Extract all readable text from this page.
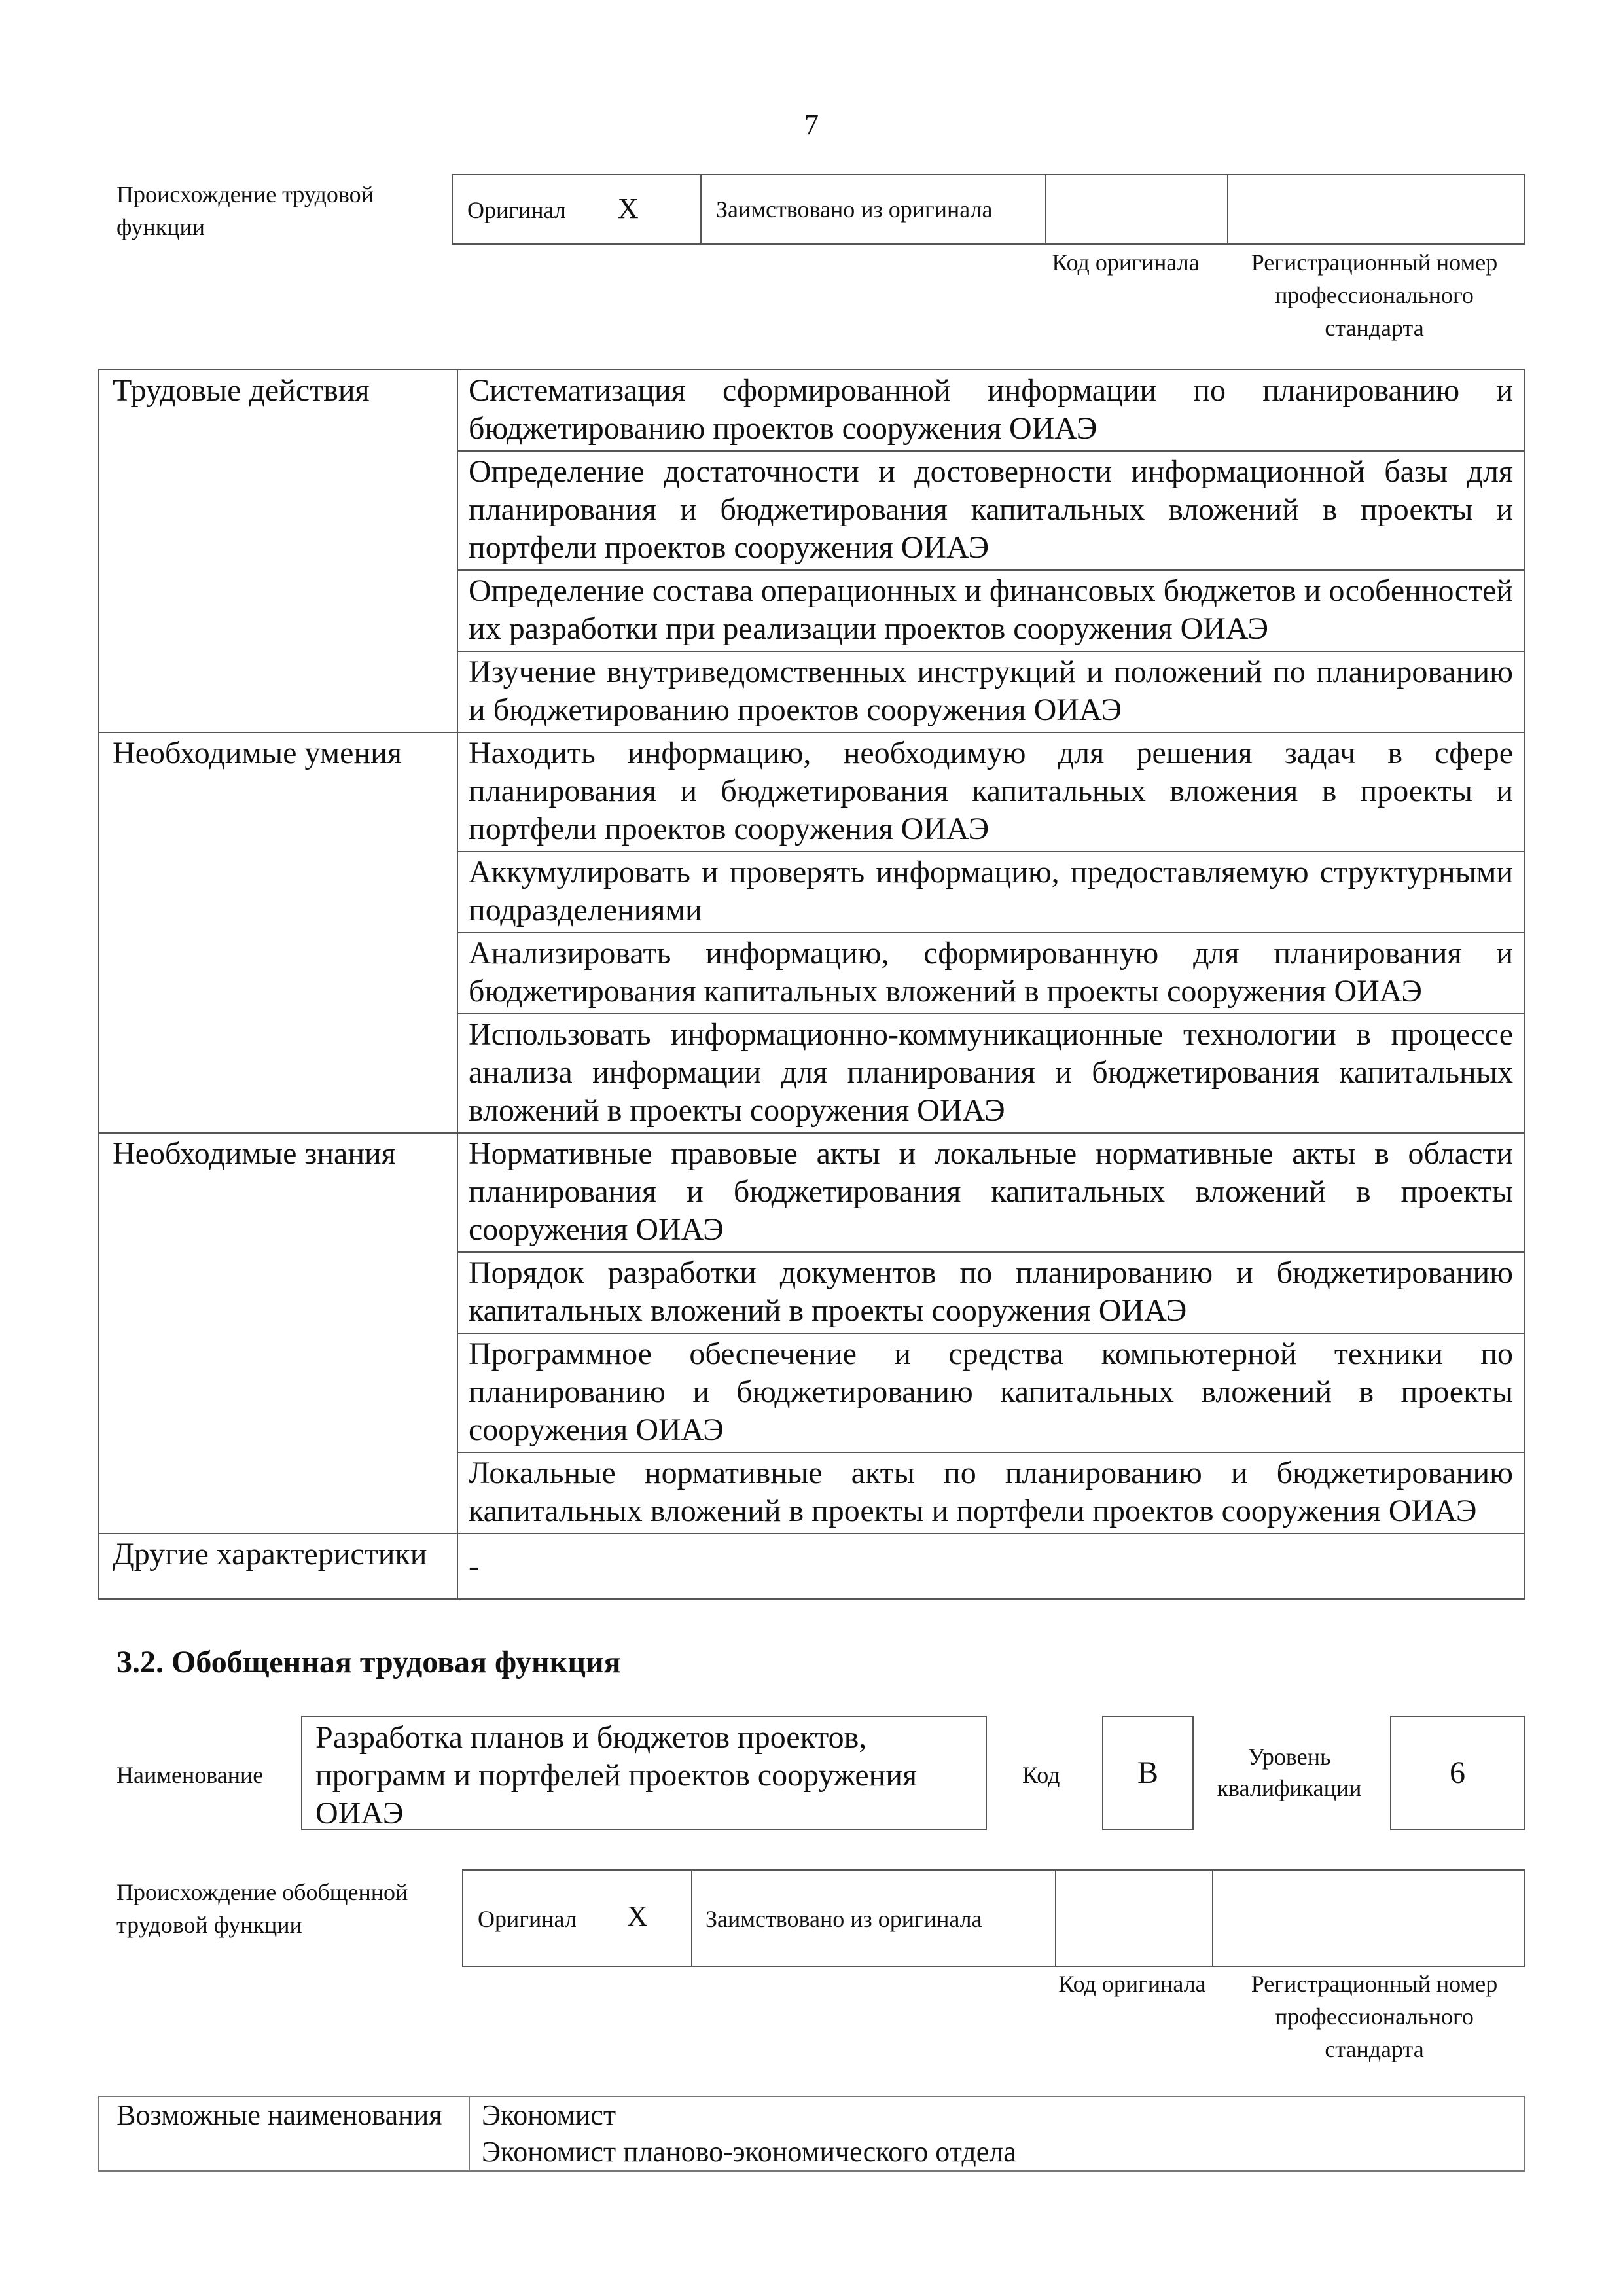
7
Происхождение трудовой функции
Оригинал X	Заимствовано из оригинала		
Код оригинала	Регистрационный номер профессионального стандарта
Трудовые действия	Систематизация сформированной информации по планированию и бюджетированию проектов сооружения ОИАЭ
	Определение достаточности и достоверности информационной базы для планирования и бюджетирования капитальных вложений в проекты и портфели проектов сооружения ОИАЭ
	Определение состава операционных и финансовых бюджетов и особенностей их разработки при реализации проектов сооружения ОИАЭ
	Изучение внутриведомственных инструкций и положений по планированию и бюджетированию проектов сооружения ОИАЭ
Необходимые умения	Находить информацию, необходимую для решения задач в сфере планирования и бюджетирования капитальных вложения в проекты и портфели проектов сооружения ОИАЭ
	Аккумулировать и проверять информацию, предоставляемую структурными подразделениями
	Анализировать информацию, сформированную для планирования и бюджетирования капитальных вложений в проекты сооружения ОИАЭ
	Использовать информационно-коммуникационные технологии в процессе анализа информации для планирования и бюджетирования капитальных вложений в проекты сооружения ОИАЭ
Необходимые знания	Нормативные правовые акты и локальные нормативные акты в области планирования и бюджетирования капитальных вложений в проекты сооружения ОИАЭ
	Порядок разработки документов по планированию и бюджетированию капитальных вложений в проекты сооружения ОИАЭ
	Программное обеспечение и средства компьютерной техники по планированию и бюджетированию капитальных вложений в проекты сооружения ОИАЭ
	Локальные нормативные акты по планированию и бюджетированию капитальных вложений в проекты и портфели проектов сооружения ОИАЭ
Другие характеристики	-
3.2. Обобщенная трудовая функция
Наименование
Разработка планов и бюджетов проектов, программ и портфелей проектов сооружения ОИАЭ
Код	B	Уровень квалификации	6
Происхождение обобщенной трудовой функции	Оригинал X Заимствовано из оригинала
Код оригинала	Регистрационный номер профессионального стандарта
Возможные наименования	Экономист
Экономист планово-экономического отдела
